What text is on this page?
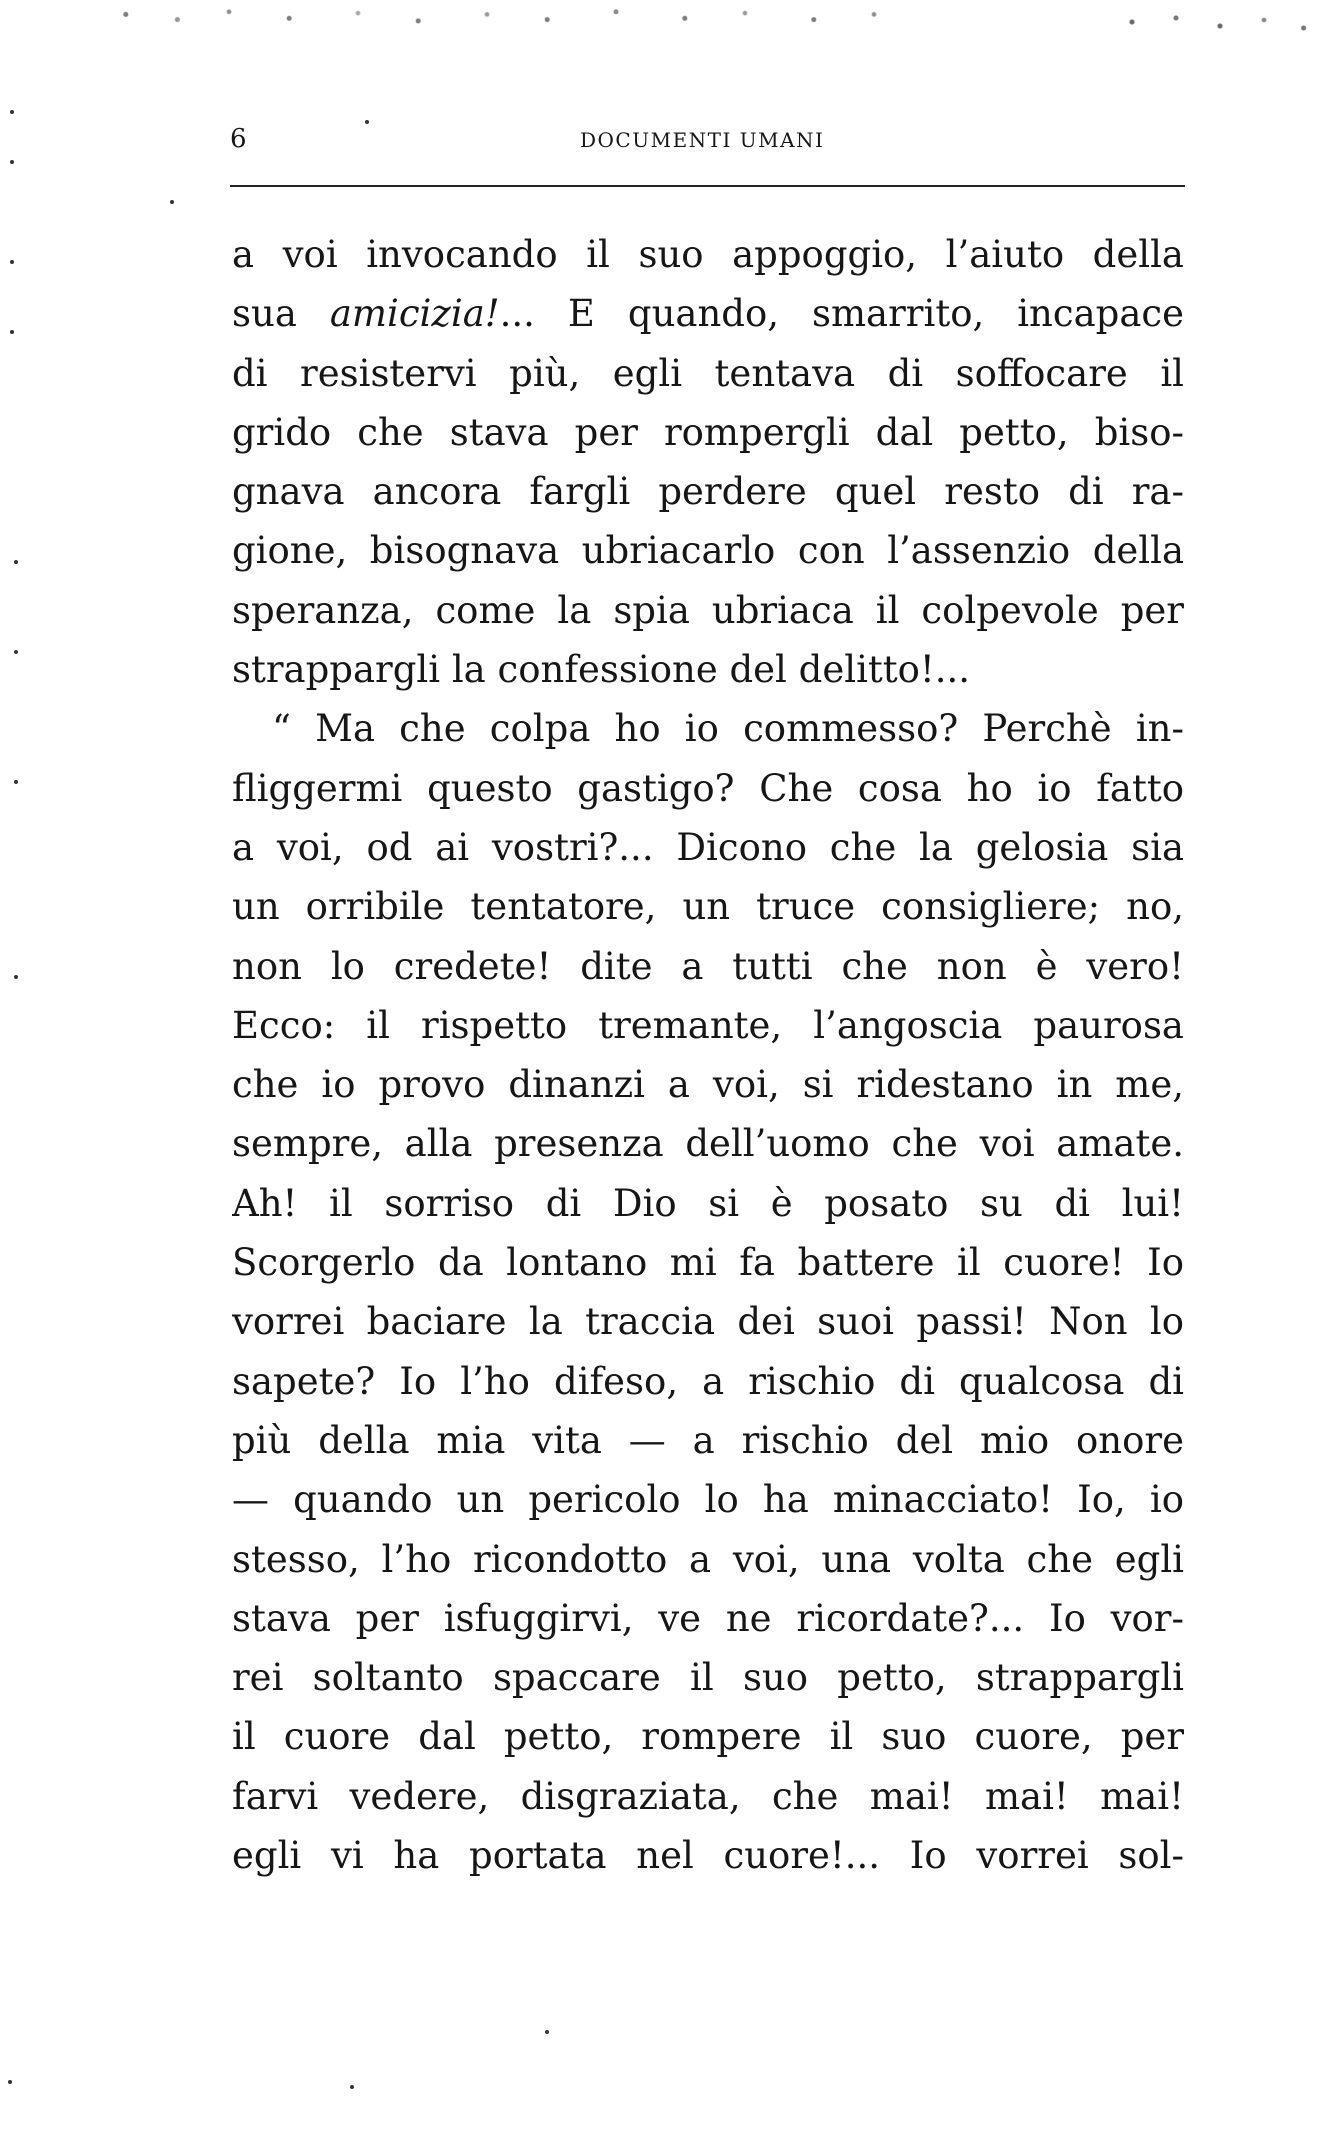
6	DOCUMENTI UMANI
a voi invocando il suo appoggio, l’aiuto della
sua amicizia!... E quando, smarrito, incapace
di resistervi più, egli tentava di soffocare il
grido che stava per rompergli dal petto, biso-
gnava ancora fargli perdere quel resto di ra-
gione, bisognava ubriacarlo con l’assenzio della
speranza, come la spia ubriaca il colpevole per
strappargli la confessione del delitto!...
“ Ma che colpa ho io commesso? Perchè in-
fliggermi questo gastigo? Che cosa ho io fatto
a voi, od ai vostri?... Dicono che la gelosia sia
un orribile tentatore, un truce consigliere; no,
non lo credete! dite a tutti che non è vero!
Ecco: il rispetto tremante, l’angoscia paurosa
che io provo dinanzi a voi, si ridestano in me,
sempre, alla presenza dell’uomo che voi amate.
Ah! il sorriso di Dio si è posato su di lui!
Scorgerlo da lontano mi fa battere il cuore! Io
vorrei baciare la traccia dei suoi passi! Non lo
sapete? Io l’ho difeso, a rischio di qualcosa di
più della mia vita — a rischio del mio onore
— quando un pericolo lo ha minacciato! Io, io
stesso, l’ho ricondotto a voi, una volta che egli
stava per isfuggirvi, ve ne ricordate?... Io vor-
rei soltanto spaccare il suo petto, strappargli
il cuore dal petto, rompere il suo cuore, per
farvi vedere, disgraziata, che mai! mai! mai!
egli vi ha portata nel cuore!... Io vorrei sol-
